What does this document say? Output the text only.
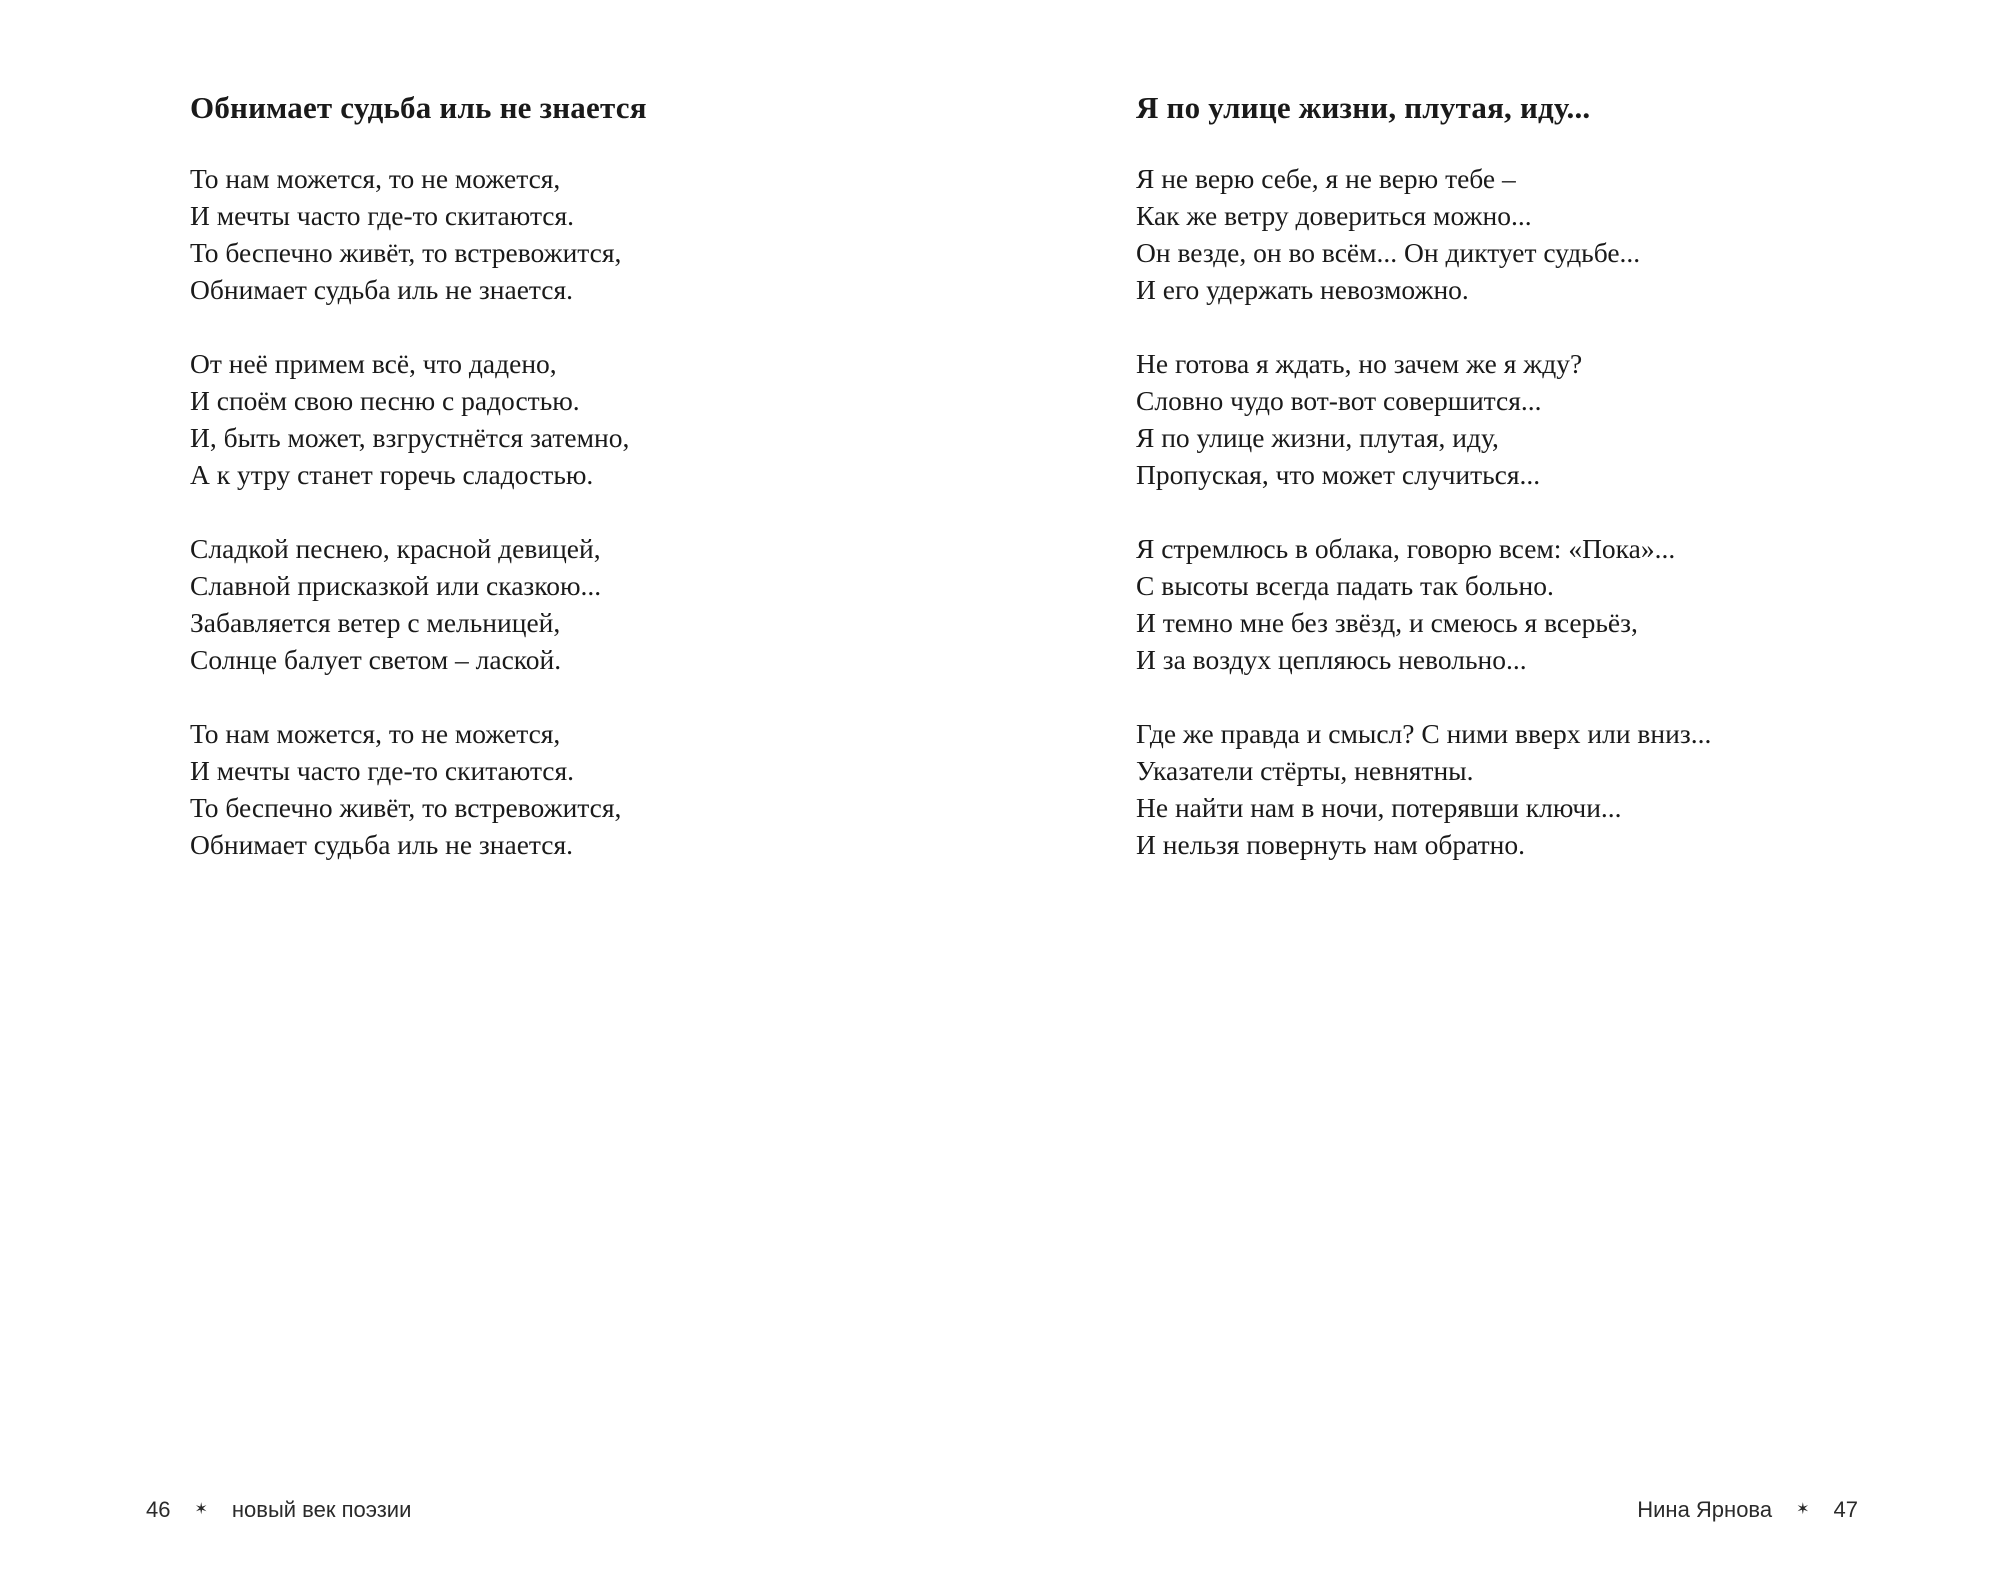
Обнимает судьба иль не знается
То нам можется, то не можется,
И мечты часто где-то скитаются.
То беспечно живёт, то встревожится,
Обнимает судьба иль не знается.
От неё примем всё, что дадено,
И споём свою песню с радостью.
И, быть может, взгрустнётся затемно,
А к утру станет горечь сладостью.
Сладкой песнею, красной девицей,
Славной присказкой или сказкою...
Забавляется ветер с мельницей,
Солнце балует светом – лаской.
То нам можется, то не можется,
И мечты часто где-то скитаются.
То беспечно живёт, то встревожится,
Обнимает судьба иль не знается.
46 ✶ новый век поэзии
Я по улице жизни, плутая, иду...
Я не верю себе, я не верю тебе –
Как же ветру довериться можно...
Он везде, он во всём... Он диктует судьбе...
И его удержать невозможно.
Не готова я ждать, но зачем же я жду?
Словно чудо вот-вот совершится...
Я по улице жизни, плутая, иду,
Пропуская, что может случиться...
Я стремлюсь в облака, говорю всем: «Пока»...
С высоты всегда падать так больно.
И темно мне без звёзд, и смеюсь я всерьёз,
И за воздух цепляюсь невольно...
Где же правда и смысл? С ними вверх или вниз...
Указатели стёрты, невнятны.
Не найти нам в ночи, потерявши ключи...
И нельзя повернуть нам обратно.
Нина Ярнова ✶ 47
